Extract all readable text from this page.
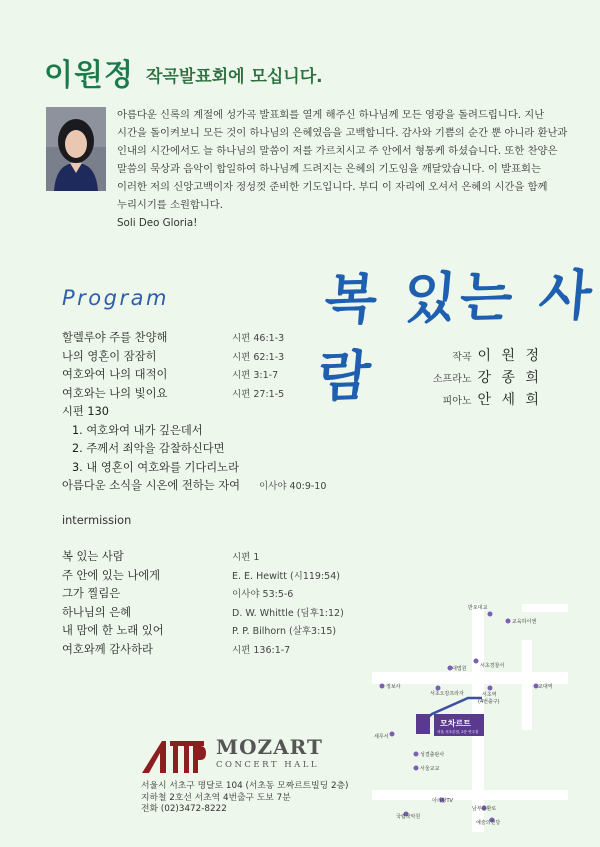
이원정 작곡발표회에 모십니다.

아름다운 신록의 계절에 성가곡 발표회를 열게 해주신 하나님께 모든 영광을 돌려드립니다. 지난 시간을 돌이켜보니 모든 것이 하나님의 은혜였음을 고백합니다. 감사와 기쁨의 순간 뿐 아니라 환난과 인내의 시간에서도 늘 하나님의 말씀이 저를 가르치시고 주 안에서 형통케 하셨습니다. 또한 찬양은 말씀의 묵상과 음악이 합일하여 하나님께 드려지는 은혜의 기도임을 깨달았습니다. 이 발표회는 이러한 저의 신앙고백이자 정성껏 준비한 기도입니다. 부디 이 자리에 오셔서 은혜의 시간을 함께 누리시기를 소원합니다.

Soli Deo Gloria!

Program	복 있는 사람	작곡 이 원 정
소프라노 강 종 희
피아노 안 세 희
할렐루야 주를 찬양해	시편 46:1-3
나의 영혼이 잠잠히	시편 62:1-3
여호와여 나의 대적이	시편 3:1-7
여호와는 나의 빛이요	시편 27:1-5
시편 130
1. 여호와여 내가 깊은데서
2. 주께서 죄악을 감찰하신다면
3. 내 영혼이 여호와를 기다리노라
아름다운 소식을 시온에 전하는 자여 이사야 40:9-10
intermission
복 있는 사람	시편 1
주 안에 있는 나에게	E. E. Hewitt (시119:54)
그가 찔림은	이사야 53:5-6
하나님의 은혜	D. W. Whittle (딤후1:12)
내 맘에 한 노래 있어	P. P. Bilhorn (살후3:15)
여호와께 감사하라	시편 136:1-7
MOZART
CONCERT HALL
서울시 서초구 명달로 104 (서초동 모짜르트빌딩 2층)
지하철 2호선 서초역 4번출구 도보 7분
전화 (02)3472-8222
반포대교
교육하이앤
서초경찰서
대법원
정보사
서초오감프라자	서초역
(4번출구)
교대역
세무서
성결출판사
서울교교
아리랑TV
남부순환로
국립국악원
예술의전당
모차르트
서울 서초본점, 2층 연주홀
